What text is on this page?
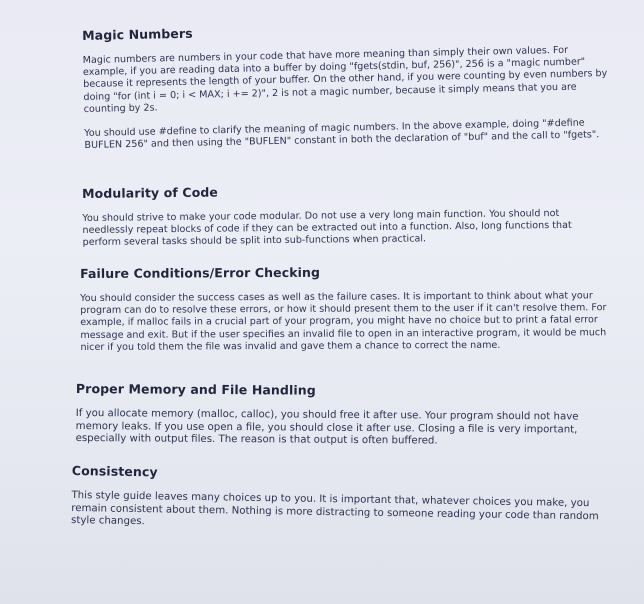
Magic Numbers

Magic numbers are numbers in your code that have more meaning than simply their own values. For example, if you are reading data into a buffer by doing "fgets(stdin, buf, 256)", 256 is a "magic number" because it represents the length of your buffer. On the other hand, if you were counting by even numbers by doing "for (int i = 0; i < MAX; i += 2)", 2 is not a magic number, because it simply means that you are counting by 2s.

You should use #define to clarify the meaning of magic numbers. In the above example, doing "#define BUFLEN 256" and then using the "BUFLEN" constant in both the declaration of "buf" and the call to "fgets".

Modularity of Code

You should strive to make your code modular. Do not use a very long main function. You should not needlessly repeat blocks of code if they can be extracted out into a function. Also, long functions that perform several tasks should be split into sub-functions when practical.

Failure Conditions/Error Checking

You should consider the success cases as well as the failure cases. It is important to think about what your program can do to resolve these errors, or how it should present them to the user if it can't resolve them. For example, if malloc fails in a crucial part of your program, you might have no choice but to print a fatal error message and exit. But if the user specifies an invalid file to open in an interactive program, it would be much nicer if you told them the file was invalid and gave them a chance to correct the name.

Proper Memory and File Handling

If you allocate memory (malloc, calloc), you should free it after use. Your program should not have memory leaks. If you use open a file, you should close it after use. Closing a file is very important, especially with output files. The reason is that output is often buffered.

Consistency

This style guide leaves many choices up to you. It is important that, whatever choices you make, you remain consistent about them. Nothing is more distracting to someone reading your code than random style changes.
